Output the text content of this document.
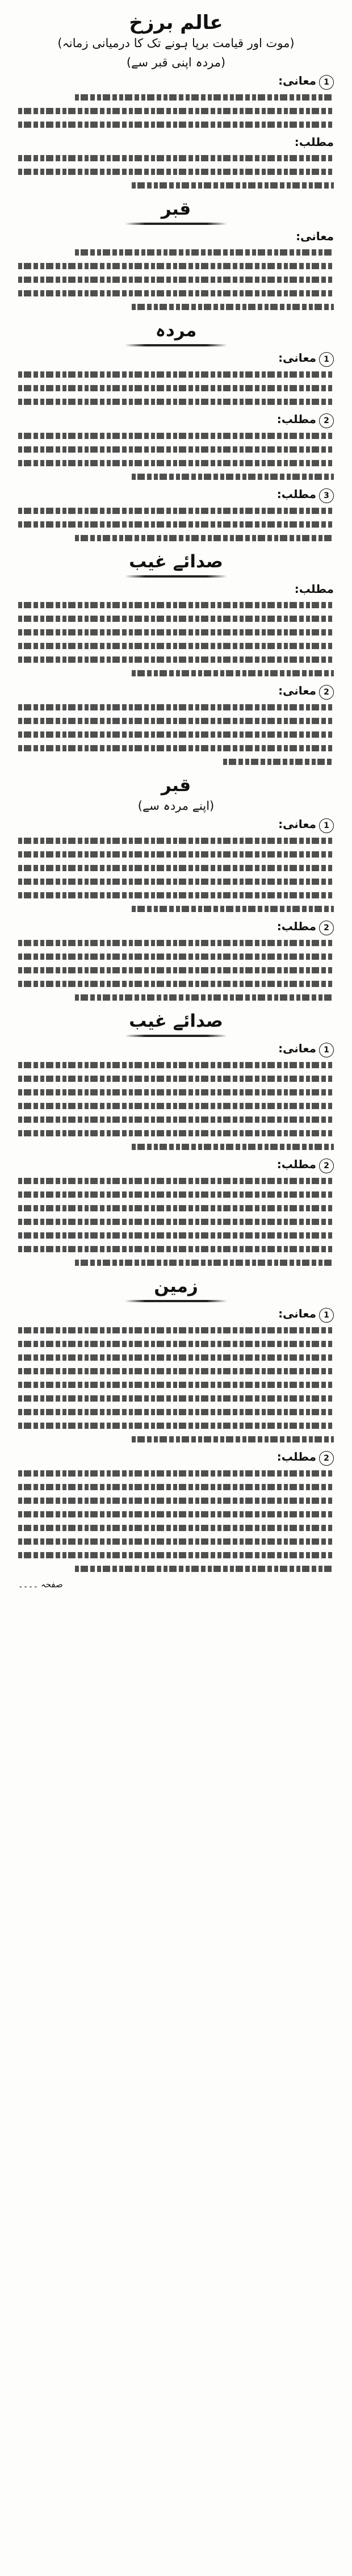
عالم برزخ
(موت اور قیامت برپا ہونے تک کا درمیانی زمانہ)
(مردہ اپنی قبر سے)
1معانی:
مطلب:
قبر
معانی:
مردہ
1معانی:
2مطلب:
3مطلب:
صدائے غیب
مطلب:
2معانی:
قبر
(اپنے مردہ سے)
1معانی:
2مطلب:
صدائے غیب
1معانی:
2مطلب:
زمین
1معانی:
2مطلب:
صفحہ ۔۔۔۔
